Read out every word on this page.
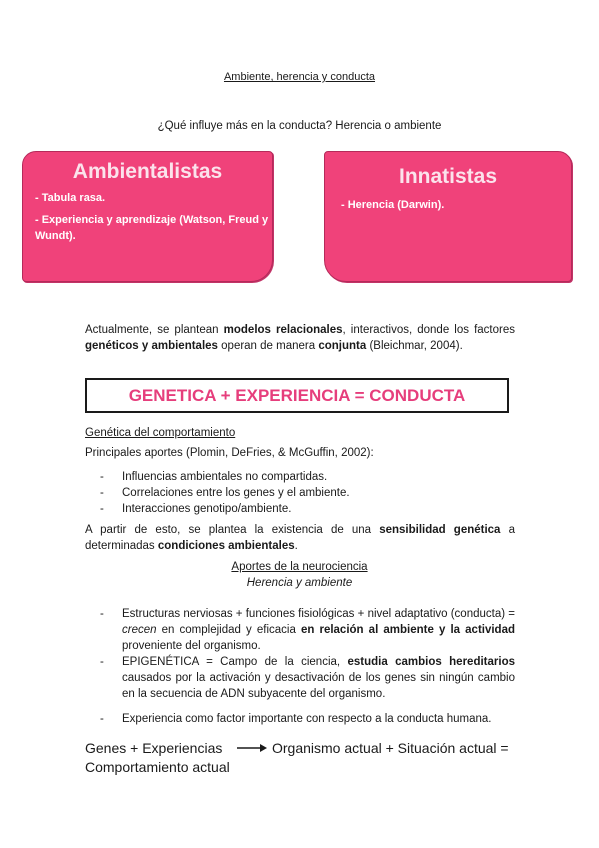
Ambiente, herencia y conducta
¿Qué influye más en la conducta? Herencia o ambiente
Ambientalistas
- Tabula rasa.
- Experiencia y aprendizaje (Watson, Freud y Wundt).
Innatistas
- Herencia (Darwin).
Actualmente, se plantean modelos relacionales, interactivos, donde los factores genéticos y ambientales operan de manera conjunta (Bleichmar, 2004).
GENETICA + EXPERIENCIA = CONDUCTA
Genética del comportamiento
Principales aportes (Plomin, DeFries, & McGuffin, 2002):
- Influencias ambientales no compartidas.
- Correlaciones entre los genes y el ambiente.
- Interacciones genotipo/ambiente.
A partir de esto, se plantea la existencia de una sensibilidad genética a determinadas condiciones ambientales.
Aportes de la neurociencia
Herencia y ambiente
- Estructuras nerviosas + funciones fisiológicas + nivel adaptativo (conducta) = crecen en complejidad y eficacia en relación al ambiente y la actividad proveniente del organismo.
- EPIGENÉTICA = Campo de la ciencia, estudia cambios hereditarios causados por la activación y desactivación de los genes sin ningún cambio en la secuencia de ADN subyacente del organismo.
- Experiencia como factor importante con respecto a la conducta humana.
Genes + Experiencias	Organismo actual + Situación actual =
Comportamiento actual
